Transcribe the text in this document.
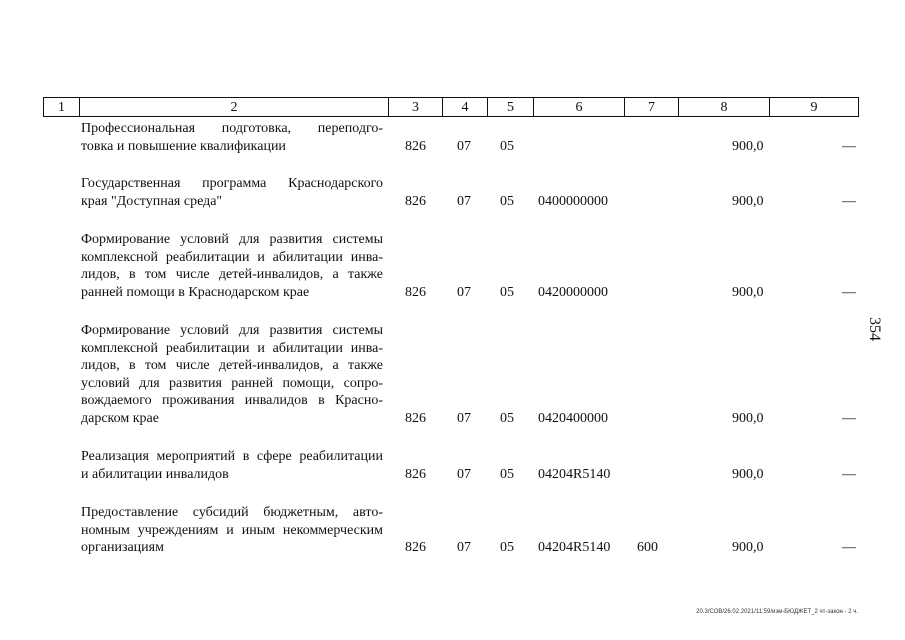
1	2	3	4	5	6	7	8	9
Профессиональная подготовка, переподго-
товка и повышение квалификации	826 07 05	900,0	—
Государственная программа Краснодарского
края "Доступная среда"	826 07 05 0400000000	900,0	—
Формирование условий для развития системы
комплексной реабилитации и абилитации инва-
лидов, в том числе детей-инвалидов, а также
ранней помощи в Краснодарском крае	826 07 05 0420000000	900,0	—
Формирование условий для развития системы
комплексной реабилитации и абилитации инва-
лидов, в том числе детей-инвалидов, а также
условий для развития ранней помощи, сопро-
вождаемого проживания инвалидов в Красно-
дарском крае	826 07 05 0420400000	900,0	—
Реализация мероприятий в сфере реабилитации
и абилитации инвалидов	826 07 05 04204R5140	900,0	—
Предоставление субсидий бюджетным, авто-
номным учреждениям и иным некоммерческим
организациям	826 07 05 04204R5140 600	900,0	—
354
20.3/СОВ/26.02.2021/11:59/изм-БЮДЖЕТ_2 чт-закон - 2 ч.
